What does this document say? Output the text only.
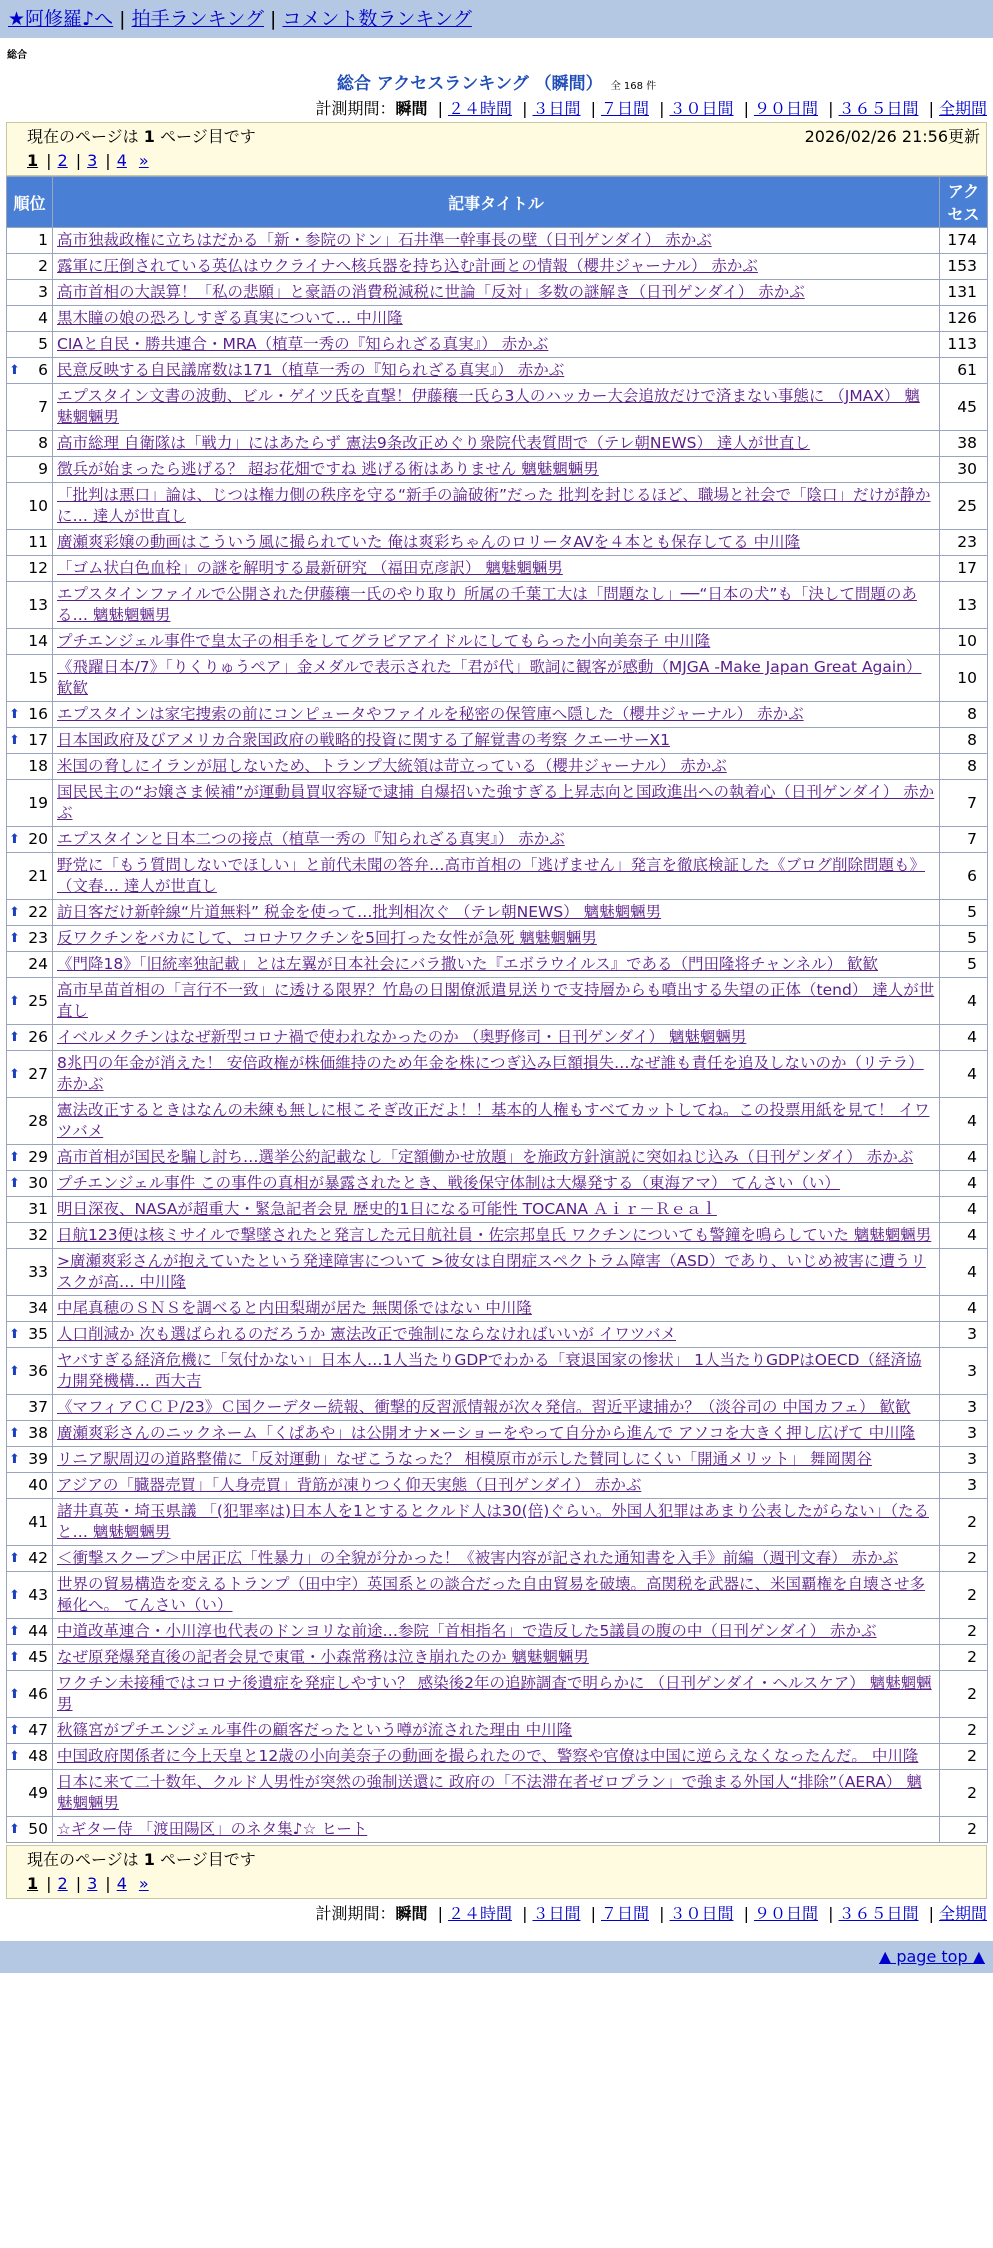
★阿修羅♪へ | 拍手ランキング | コメント数ランキング
総合
総合 アクセスランキング （瞬間） 全 168 件
計測期間：瞬間 | ２４時間 | ３日間 | ７日間 | ３０日間 | ９０日間 | ３６５日間 | 全期間
現在のページは 1 ページ目です	2026/02/26 21:56更新
1 | 2 | 3 | 4 »
順位	記事タイトル	アクセス
1	高市独裁政権に立ちはだかる「新・参院のドン」石井準一幹事長の壁（日刊ゲンダイ） 赤かぶ	174
2	露軍に圧倒されている英仏はウクライナへ核兵器を持ち込む計画との情報（櫻井ジャーナル） 赤かぶ	153
3	高市首相の大誤算！「私の悲願」と豪語の消費税減税に世論「反対」多数の謎解き（日刊ゲンダイ） 赤かぶ	131
4	黒木瞳の娘の恐ろしすぎる真実について… 中川隆	126
5	CIAと自民・勝共連合・MRA（植草一秀の『知られざる真実』） 赤かぶ	113

⬆ 6	民意反映する自民議席数は171（植草一秀の『知られざる真実』） 赤かぶ	61
7	エプスタイン文書の波動、ビル・ゲイツ氏を直撃！伊藤穰一氏ら3人のハッカー大会追放だけで済まない事態に （JMAX） 魑魅魍魎男	45
8	高市総理 自衛隊は「戦力」にはあたらず 憲法9条改正めぐり衆院代表質問で（テレ朝NEWS） 達人が世直し	38
9	徴兵が始まったら逃げる？ 超お花畑ですね 逃げる術はありません 魑魅魍魎男	30
10	「批判は悪口」論は、じつは権力側の秩序を守る“新手の論破術”だった 批判を封じるほど、職場と社会で「陰口」だけが静かに… 達人が世直し	25
11	廣瀬爽彩嬢の動画はこういう風に撮られていた 俺は爽彩ちゃんのロリータAVを４本とも保存してる 中川隆	23
12	「ゴム状白色血栓」の謎を解明する最新研究 （福田克彦訳） 魑魅魍魎男	17
13	エプスタインファイルで公開された伊藤穰一氏のやり取り 所属の千葉工大は「問題なし」──“日本の犬”も「決して問題のある… 魑魅魍魎男	13
14	プチエンジェル事件で皇太子の相手をしてグラビアアイドルにしてもらった小向美奈子 中川隆	10
15	《飛躍日本/7》「りくりゅうペア」金メダルで表示された「君が代」歌詞に観客が感動（MJGA -Make Japan Great Again） 歓歓	10

⬆ 16	エプスタインは家宅捜索の前にコンピュータやファイルを秘密の保管庫へ隠した（櫻井ジャーナル） 赤かぶ	8

⬆ 17	日本国政府及びアメリカ合衆国政府の戦略的投資に関する了解覚書の考察 クエーサーX1	8
18	米国の脅しにイランが屈しないため、トランプ大統領は苛立っている（櫻井ジャーナル） 赤かぶ	8
19	国民民主の“お嬢さま候補”が運動員買収容疑で逮捕 自爆招いた強すぎる上昇志向と国政進出への執着心（日刊ゲンダイ） 赤かぶ	7

⬆ 20	エプスタインと日本二つの接点（植草一秀の『知られざる真実』） 赤かぶ	7
21	野党に「もう質問しないでほしい」と前代未聞の答弁…高市首相の「逃げません」発言を徹底検証した《ブログ削除問題も》（文春… 達人が世直し	6

⬆ 22	訪日客だけ新幹線“片道無料” 税金を使って…批判相次ぐ （テレ朝NEWS） 魑魅魍魎男	5

⬆ 23	反ワクチンをバカにして、コロナワクチンを5回打った女性が急死 魑魅魍魎男	5
24	《門降18》「旧統率独記載」とは左翼が日本社会にバラ撒いた『エボラウイルス』である（門田隆将チャンネル） 歓歓	5

⬆ 25	高市早苗首相の「言行不一致」に透ける限界？竹島の日閣僚派遣見送りで支持層からも噴出する失望の正体（tend） 達人が世直し	4

⬆ 26	イベルメクチンはなぜ新型コロナ禍で使われなかったのか （奥野修司・日刊ゲンダイ） 魑魅魍魎男	4

⬆ 27	8兆円の年金が消えた！ 安倍政権が株価維持のため年金を株につぎ込み巨額損失…なぜ誰も責任を追及しないのか（リテラ） 赤かぶ	4
28	憲法改正するときはなんの未練も無しに根こそぎ改正だよ！！基本的人権もすべてカットしてね。この投票用紙を見て！ イワツバメ	4

⬆ 29	高市首相が国民を騙し討ち…選挙公約記載なし「定額働かせ放題」を施政方針演説に突如ねじ込み（日刊ゲンダイ） 赤かぶ	4

⬆ 30	プチエンジェル事件 この事件の真相が暴露されたとき、戦後保守体制は大爆発する（東海アマ） てんさい（い）	4
31	明日深夜、NASAが超重大・緊急記者会見 歴史的1日になる可能性 TOCANA Ａｉｒ－Ｒｅａｌ	4
32	日航123便は核ミサイルで撃墜されたと発言した元日航社員・佐宗邦皇氏 ワクチンについても警鐘を鳴らしていた 魑魅魍魎男	4
33	>廣瀬爽彩さんが抱えていたという発達障害について >彼女は自閉症スペクトラム障害（ASD）であり、いじめ被害に遭うリスクが高… 中川隆	4
34	中尾真穂のＳＮＳを調べると内田梨瑚が居た 無関係ではない 中川隆	4

⬆ 35	人口削減か 次も選ばられるのだろうか 憲法改正で強制にならなければいいが イワツバメ	3

⬆ 36	ヤバすぎる経済危機に「気付かない」日本人…1人当たりGDPでわかる「衰退国家の惨状」 1人当たりGDPはOECD（経済協力開発機構… 西大吉	3
37	《マフィアＣＣＰ/23》Ｃ国クーデター続報、衝撃的反習派情報が次々発信。習近平逮捕か？（淡谷司の 中国カフェ） 歓歓	3

⬆ 38	廣瀬爽彩さんのニックネーム「くぱあや」は公開オナ×ーショーをやって自分から進んで アソコを大きく押し広げて 中川隆	3

⬆ 39	リニア駅周辺の道路整備に「反対運動」なぜこうなった？ 相模原市が示した賛同しにくい「開通メリット」 舞岡関谷	3
40	アジアの「臓器売買」「人身売買」背筋が凍りつく仰天実態（日刊ゲンダイ） 赤かぶ	3
41	諸井真英・埼玉県議 「(犯罪率は)日本人を1とするとクルド人は30(倍)ぐらい。外国人犯罪はあまり公表したがらない」（たると… 魑魅魍魎男	2

⬆ 42	＜衝撃スクープ＞中居正広「性暴力」の全貌が分かった！《被害内容が記された通知書を入手》前編（週刊文春） 赤かぶ	2

⬆ 43	世界の貿易構造を変えるトランプ（田中宇）英国系との談合だった自由貿易を破壊。高関税を武器に、米国覇権を自壊させ多極化へ。 てんさい（い）	2

⬆ 44	中道改革連合・小川淳也代表のドンヨリな前途…参院「首相指名」で造反した5議員の腹の中（日刊ゲンダイ） 赤かぶ	2

⬆ 45	なぜ原発爆発直後の記者会見で東電・小森常務は泣き崩れたのか 魑魅魍魎男	2

⬆ 46	ワクチン未接種ではコロナ後遺症を発症しやすい？ 感染後2年の追跡調査で明らかに （日刊ゲンダイ・ヘルスケア） 魑魅魍魎男	2

⬆ 47	秋篠宮がプチエンジェル事件の顧客だったという噂が流された理由 中川隆	2

⬆ 48	中国政府関係者に今上天皇と12歳の小向美奈子の動画を撮られたので、警察や官僚は中国に逆らえなくなったんだ。 中川隆	2
49	日本に来て二十数年、クルド人男性が突然の強制送還に 政府の「不法滞在者ゼロプラン」で強まる外国人“排除”（AERA） 魑魅魍魎男	2

⬆ 50	☆ギター侍 「渡田陽区」のネタ集♪☆ ヒート	2
現在のページは 1 ページ目です
1 | 2 | 3 | 4 »
計測期間：瞬間 | ２４時間 | ３日間 | ７日間 | ３０日間 | ９０日間 | ３６５日間 | 全期間
▲ page top ▲
